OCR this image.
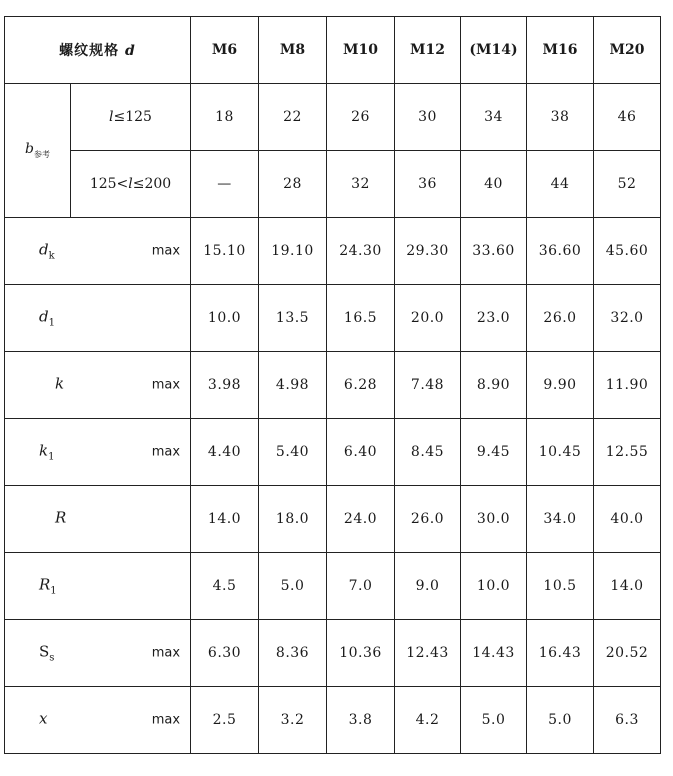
螺纹规格 d		M6	M8	M10	M12	(M14)	M16	M20
$b_{参考}$	l≤125	18	22	26	30	34	38	46
	125<l≤200	—	28	32	36	40	44	52

$d_k$ max		15.10	19.10	24.30	29.30	33.60	36.60	45.60

$d_1$		10.0	13.5	16.5	20.0	23.0	26.0	32.0

k max		3.98	4.98	6.28	7.48	8.90	9.90	11.90

$k_1$ max		4.40	5.40	6.40	8.45	9.45	10.45	12.55

R		14.0	18.0	24.0	26.0	30.0	34.0	40.0

$R_1$		4.5	5.0	7.0	9.0	10.0	10.5	14.0

$S_s$ max		6.30	8.36	10.36	12.43	14.43	16.43	20.52

x max		2.5	3.2	3.8	4.2	5.0	5.0	6.3
